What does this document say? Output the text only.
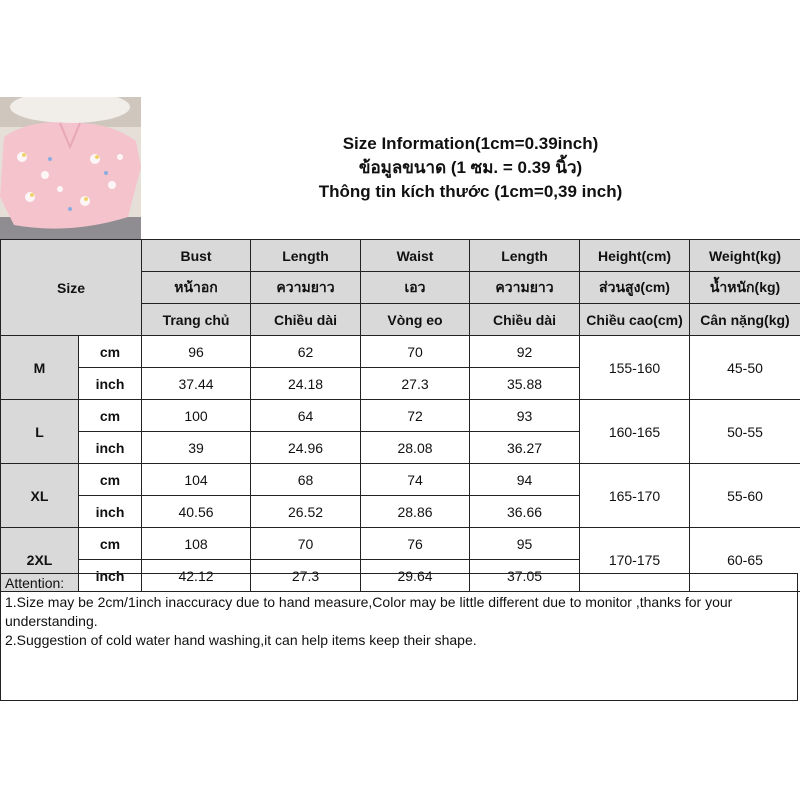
Size Information(1cm=0.39inch)
ข้อมูลขนาด (1 ซม. = 0.39 นิ้ว)
Thông tin kích thước (1cm=0,39 inch)
Size		Bust	Length	Waist	Length	Height(cm)	Weight(kg)
		หน้าอก	ความยาว	เอว	ความยาว	ส่วนสูง(cm)	น้ำหนัก(kg)
		Trang chủ	Chiều dài	Vòng eo	Chiều dài	Chiều cao(cm)	Cân nặng(kg)
M	cm	96	62	70	92	155-160	45-50
	inch	37.44	24.18	27.3	35.88		
L	cm	100	64	72	93	160-165	50-55
	inch	39	24.96	28.08	36.27		
XL	cm	104	68	74	94	165-170	55-60
	inch	40.56	26.52	28.86	36.66		
2XL	cm	108	70	76	95	170-175	60-65
	inch	42.12	27.3	29.64	37.05		
Attention:
1.Size may be 2cm/1inch inaccuracy due to hand measure,Color may be little different due to monitor ,thanks for your understanding.
2.Suggestion of cold water hand washing,it can help items keep their shape.
